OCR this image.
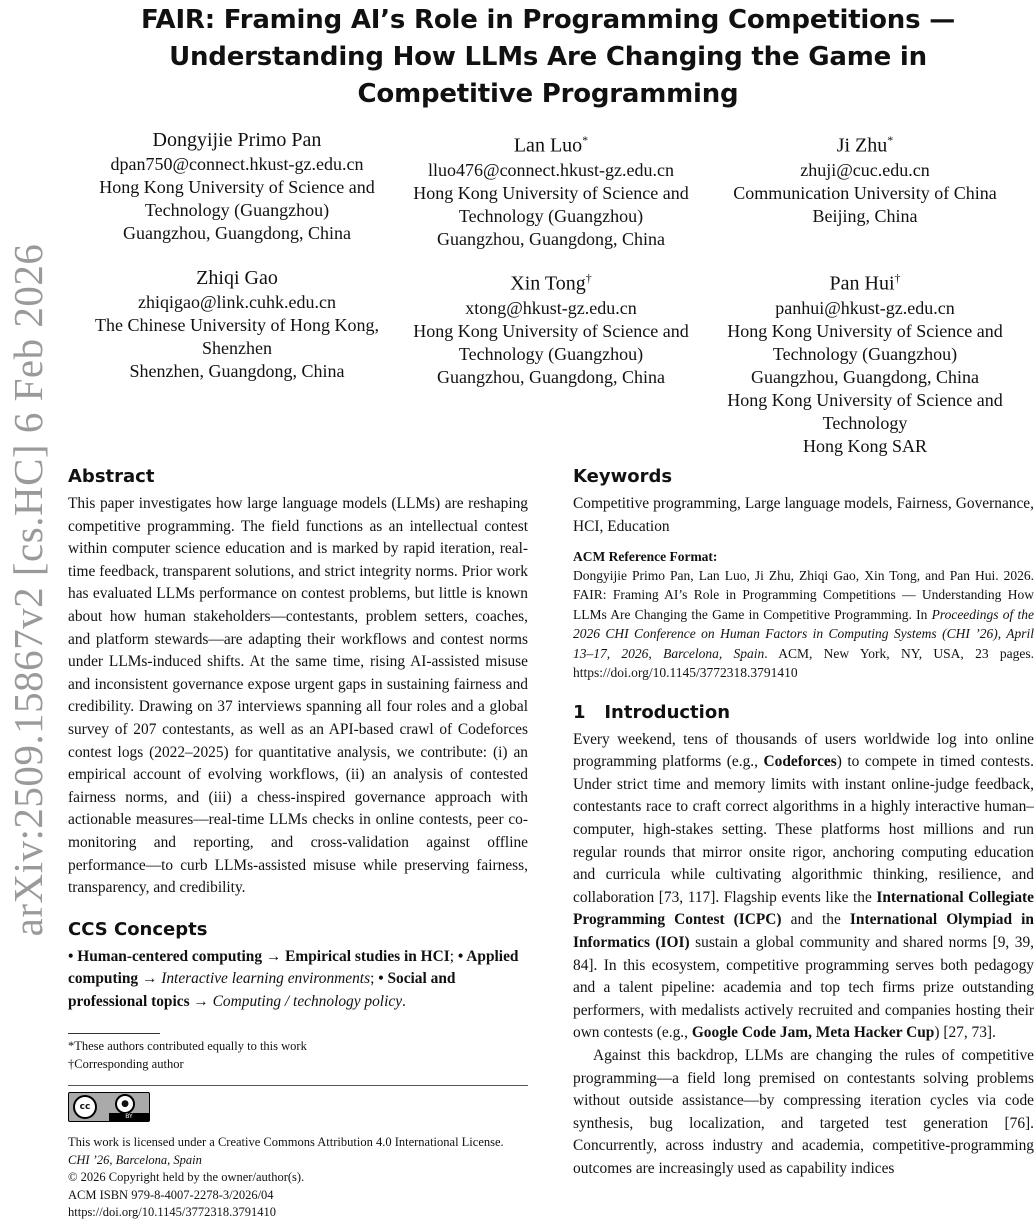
arXiv:2509.15867v2 [cs.HC] 6 Feb 2026
FAIR: Framing AI’s Role in Programming Competitions — Understanding How LLMs Are Changing the Game in Competitive Programming
Dongyijie Primo Pan
dpan750@connect.hkust-gz.edu.cn
Hong Kong University of Science and Technology (Guangzhou)
Guangzhou, Guangdong, China
Lan Luo*
lluo476@connect.hkust-gz.edu.cn
Hong Kong University of Science and Technology (Guangzhou)
Guangzhou, Guangdong, China
Ji Zhu*
zhuji@cuc.edu.cn
Communication University of China
Beijing, China
Zhiqi Gao
zhiqigao@link.cuhk.edu.cn
The Chinese University of Hong Kong, Shenzhen
Shenzhen, Guangdong, China
Xin Tong†
xtong@hkust-gz.edu.cn
Hong Kong University of Science and Technology (Guangzhou)
Guangzhou, Guangdong, China
Pan Hui†
panhui@hkust-gz.edu.cn
Hong Kong University of Science and Technology (Guangzhou)
Guangzhou, Guangdong, China
Hong Kong University of Science and Technology
Hong Kong SAR
Abstract

This paper investigates how large language models (LLMs) are reshaping competitive programming. The field functions as an intellectual contest within computer science education and is marked by rapid iteration, real-time feedback, transparent solutions, and strict integrity norms. Prior work has evaluated LLMs performance on contest problems, but little is known about how human stakeholders—contestants, problem setters, coaches, and platform stewards—are adapting their workflows and contest norms under LLMs-induced shifts. At the same time, rising AI-assisted misuse and inconsistent governance expose urgent gaps in sustaining fairness and credibility. Drawing on 37 interviews spanning all four roles and a global survey of 207 contestants, as well as an API-based crawl of Codeforces contest logs (2022–2025) for quantitative analysis, we contribute: (i) an empirical account of evolving workflows, (ii) an analysis of contested fairness norms, and (iii) a chess-inspired governance approach with actionable measures—real-time LLMs checks in online contests, peer co-monitoring and reporting, and cross-validation against offline performance—to curb LLMs-assisted misuse while preserving fairness, transparency, and credibility.

CCS Concepts

• Human-centered computing → Empirical studies in HCI; • Applied computing → Interactive learning environments; • Social and professional topics → Computing / technology policy.

*These authors contributed equally to this work
†Corresponding author
cc	●
BY
This work is licensed under a Creative Commons Attribution 4.0 International License.
CHI ’26, Barcelona, Spain
© 2026 Copyright held by the owner/author(s).
ACM ISBN 979-8-4007-2278-3/2026/04
https://doi.org/10.1145/3772318.3791410
Keywords

Competitive programming, Large language models, Fairness, Governance, HCI, Education

ACM Reference Format:

Dongyijie Primo Pan, Lan Luo, Ji Zhu, Zhiqi Gao, Xin Tong, and Pan Hui. 2026. FAIR: Framing AI’s Role in Programming Competitions — Understanding How LLMs Are Changing the Game in Competitive Programming. In Proceedings of the 2026 CHI Conference on Human Factors in Computing Systems (CHI ’26), April 13–17, 2026, Barcelona, Spain. ACM, New York, NY, USA, 23 pages. https://doi.org/10.1145/3772318.3791410

1   Introduction

Every weekend, tens of thousands of users worldwide log into online programming platforms (e.g., Codeforces) to compete in timed contests. Under strict time and memory limits with instant online-judge feedback, contestants race to craft correct algorithms in a highly interactive human–computer, high-stakes setting. These platforms host millions and run regular rounds that mirror onsite rigor, anchoring computing education and curricula while cultivating algorithmic thinking, resilience, and collaboration [73, 117]. Flagship events like the International Collegiate Programming Contest (ICPC) and the International Olympiad in Informatics (IOI) sustain a global community and shared norms [9, 39, 84]. In this ecosystem, competitive programming serves both pedagogy and a talent pipeline: academia and top tech firms prize outstanding performers, with medalists actively recruited and companies hosting their own contests (e.g., Google Code Jam, Meta Hacker Cup) [27, 73].

Against this backdrop, LLMs are changing the rules of competitive programming—a field long premised on contestants solving problems without outside assistance—by compressing iteration cycles via code synthesis, bug localization, and targeted test generation [76]. Concurrently, across industry and academia, competitive-programming outcomes are increasingly used as capability indices
